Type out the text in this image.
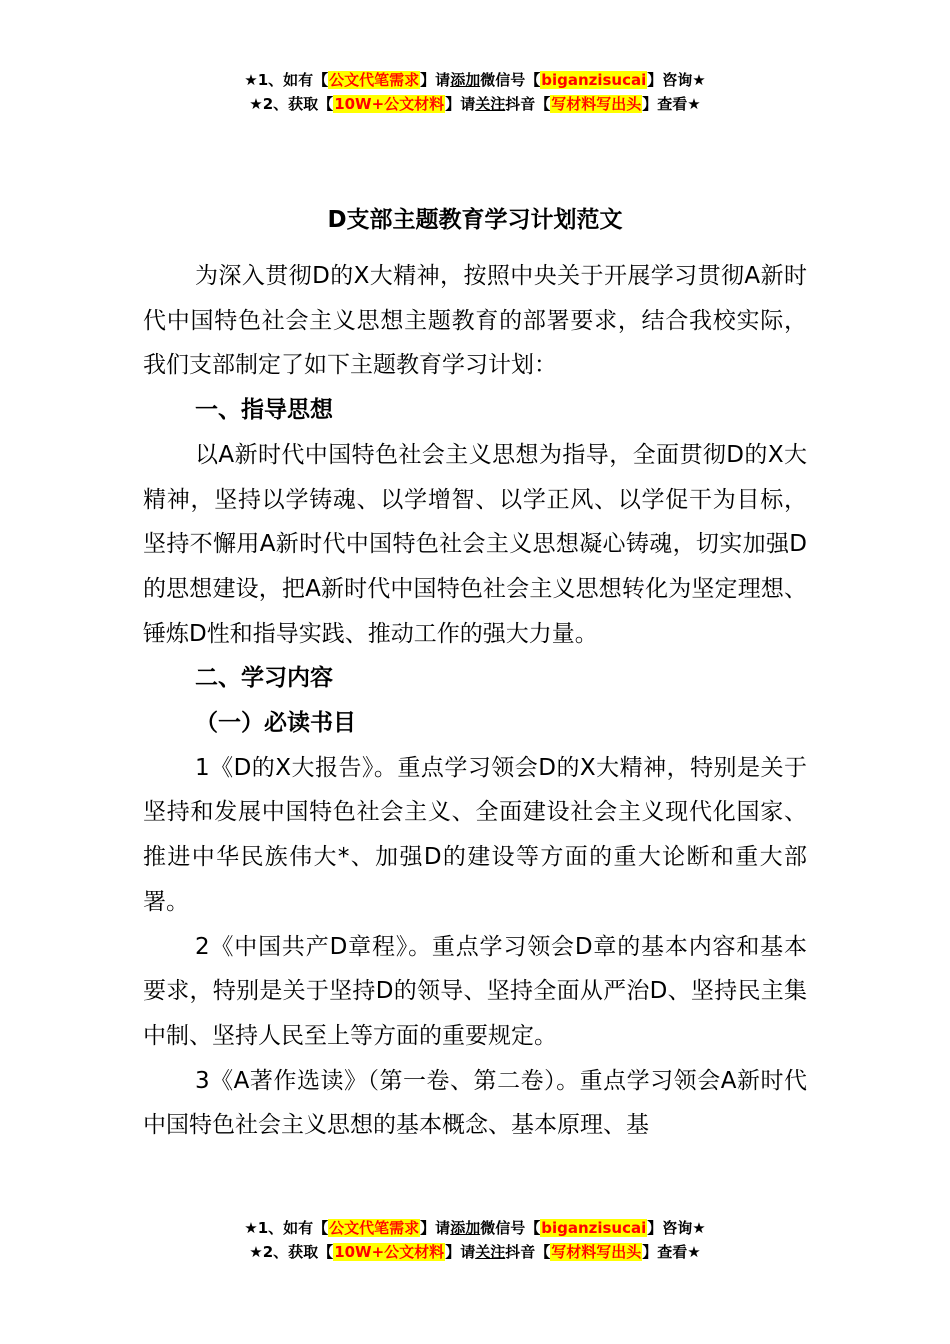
★1、如有【公文代笔需求】请添加微信号【biganzisucai】咨询★
★2、获取【10W+公文材料】请关注抖音【写材料写出头】查看★
D支部主题教育学习计划范文

为深入贯彻D的X大精神，按照中央关于开展学习贯彻A新时代中国特色社会主义思想主题教育的部署要求，结合我校实际，我们支部制定了如下主题教育学习计划：

一、指导思想

以A新时代中国特色社会主义思想为指导，全面贯彻D的X大精神，坚持以学铸魂、以学增智、以学正风、以学促干为目标，坚持不懈用A新时代中国特色社会主义思想凝心铸魂，切实加强D的思想建设，把A新时代中国特色社会主义思想转化为坚定理想、锤炼D性和指导实践、推动工作的强大力量。

二、学习内容

（一）必读书目

1《D的X大报告》。重点学习领会D的X大精神，特别是关于坚持和发展中国特色社会主义、全面建设社会主义现代化国家、推进中华民族伟大*、加强D的建设等方面的重大论断和重大部署。

2《中国共产D章程》。重点学习领会D章的基本内容和基本要求，特别是关于坚持D的领导、坚持全面从严治D、坚持民主集中制、坚持人民至上等方面的重要规定。

3《A著作选读》（第一卷、第二卷）。重点学习领会A新时代中国特色社会主义思想的基本概念、基本原理、基

★1、如有【公文代笔需求】请添加微信号【biganzisucai】咨询★
★2、获取【10W+公文材料】请关注抖音【写材料写出头】查看★
